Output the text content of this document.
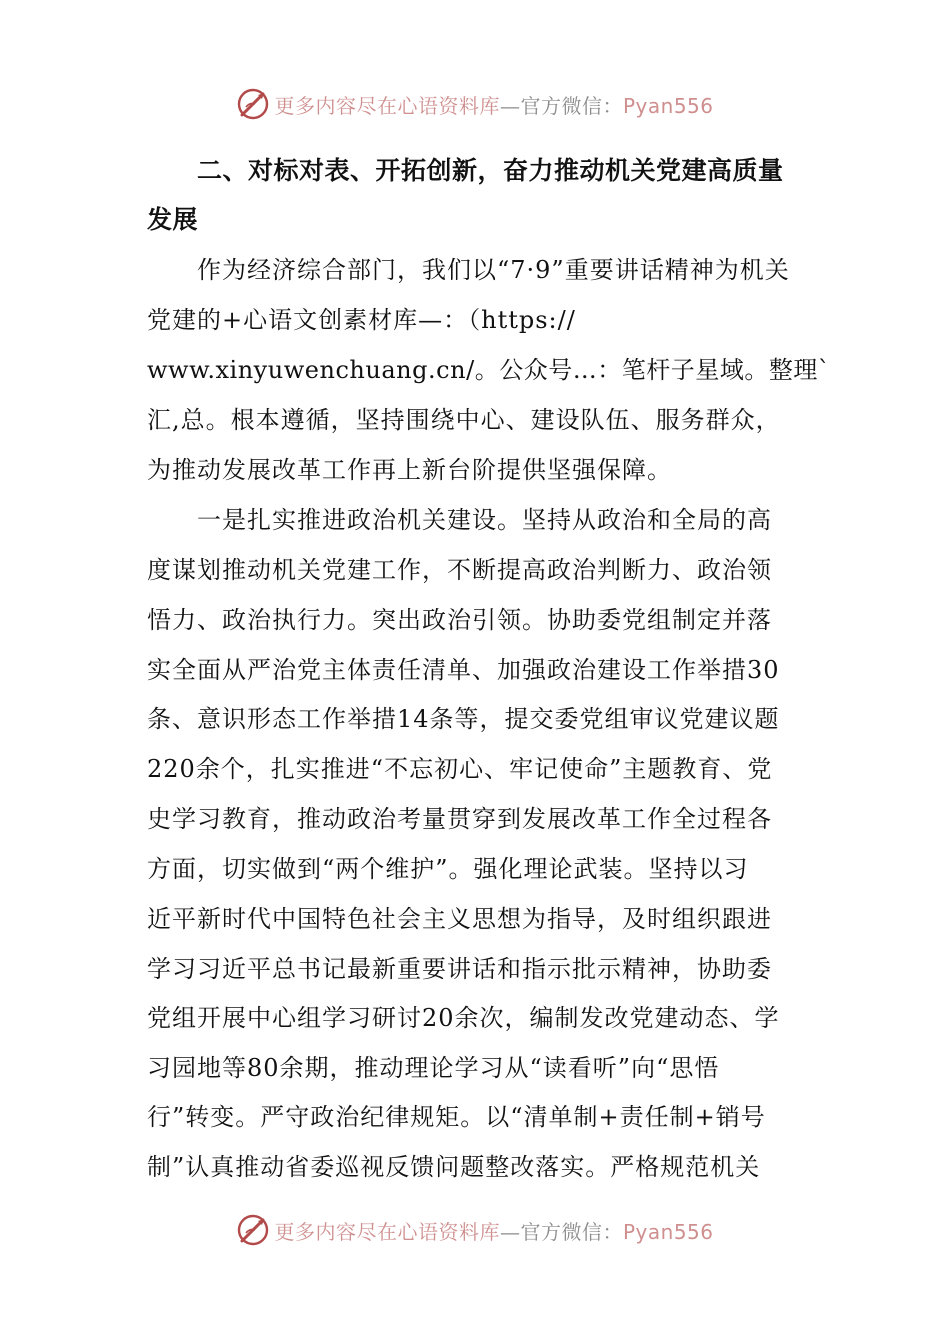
更多内容尽在心语资料库—官方微信：Pyan556
二、对标对表、开拓创新，奋力推动机关党建高质量
发展
作为经济综合部门，我们以“7·9”重要讲话精神为机关
党建的+心语文创素材库—：（https://
www.xinyuwenchuang.cn/。公众号…：笔杆子星域。整理`
汇,总。根本遵循，坚持围绕中心、建设队伍、服务群众，
为推动发展改革工作再上新台阶提供坚强保障。
一是扎实推进政治机关建设。坚持从政治和全局的高
度谋划推动机关党建工作，不断提高政治判断力、政治领
悟力、政治执行力。突出政治引领。协助委党组制定并落
实全面从严治党主体责任清单、加强政治建设工作举措30
条、意识形态工作举措14条等，提交委党组审议党建议题
220余个，扎实推进“不忘初心、牢记使命”主题教育、党
史学习教育，推动政治考量贯穿到发展改革工作全过程各
方面，切实做到“两个维护”。强化理论武装。坚持以习
近平新时代中国特色社会主义思想为指导，及时组织跟进
学习习近平总书记最新重要讲话和指示批示精神，协助委
党组开展中心组学习研讨20余次，编制发改党建动态、学
习园地等80余期，推动理论学习从“读看听”向“思悟
行”转变。严守政治纪律规矩。以“清单制+责任制+销号
制”认真推动省委巡视反馈问题整改落实。严格规范机关
更多内容尽在心语资料库—官方微信：Pyan556
